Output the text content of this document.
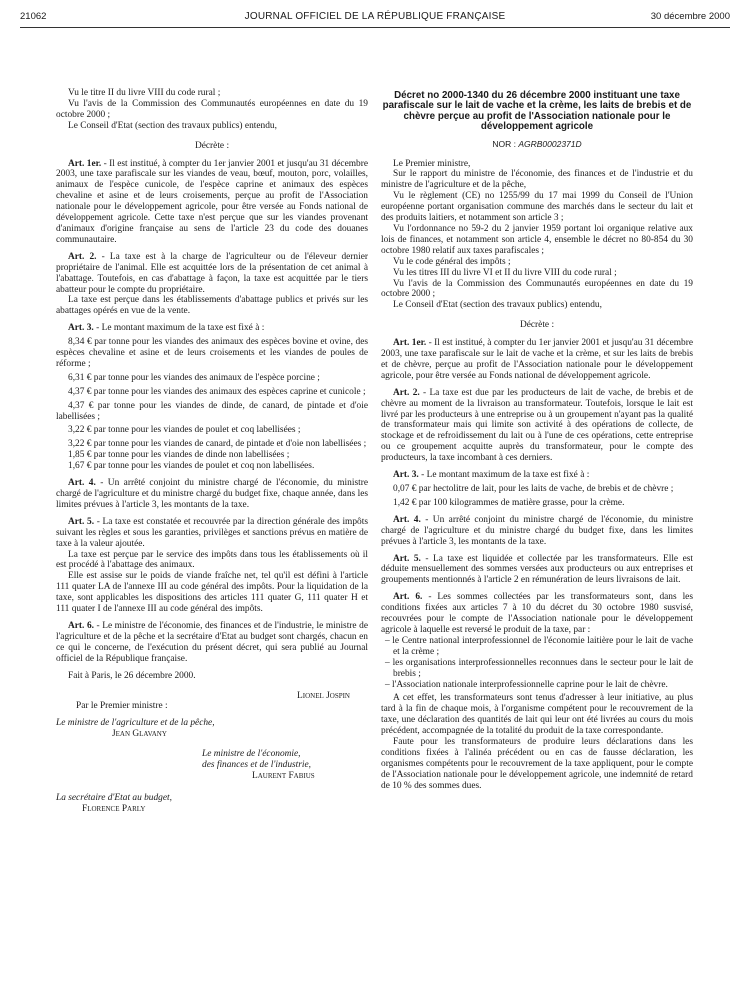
21062	JOURNAL OFFICIEL DE LA RÉPUBLIQUE FRANÇAISE	30 décembre 2000

Vu le titre II du livre VIII du code rural ;

Vu l'avis de la Commission des Communautés européennes en date du 19 octobre 2000 ;

Le Conseil d'Etat (section des travaux publics) entendu,

Décrète :

Art. 1er. - Il est institué, à compter du 1er janvier 2001 et jusqu'au 31 décembre 2003, une taxe parafiscale sur les viandes de veau, bœuf, mouton, porc, volailles, animaux de l'espèce cunicole, de l'espèce caprine et animaux des espèces chevaline et asine et de leurs croisements, perçue au profit de l'Association nationale pour le développement agricole, pour être versée au Fonds national de développement agricole. Cette taxe n'est perçue que sur les viandes provenant d'animaux d'origine française au sens de l'article 23 du code des douanes communautaire.

Art. 2. - La taxe est à la charge de l'agriculteur ou de l'éleveur dernier propriétaire de l'animal. Elle est acquittée lors de la présentation de cet animal à l'abattage. Toutefois, en cas d'abattage à façon, la taxe est acquittée par le tiers abatteur pour le compte du propriétaire.

La taxe est perçue dans les établissements d'abattage publics et privés sur les abattages opérés en vue de la vente.

Art. 3. - Le montant maximum de la taxe est fixé à :

8,34 € par tonne pour les viandes des animaux des espèces bovine et ovine, des espèces chevaline et asine et de leurs croisements et les viandes de poules de réforme ;

6,31 € par tonne pour les viandes des animaux de l'espèce porcine ;

4,37 € par tonne pour les viandes des animaux des espèces caprine et cunicole ;

4,37 € par tonne pour les viandes de dinde, de canard, de pintade et d'oie labellisées ;

3,22 € par tonne pour les viandes de poulet et coq labellisées ;

3,22 € par tonne pour les viandes de canard, de pintade et d'oie non labellisées ;

1,85 € par tonne pour les viandes de dinde non labellisées ;

1,67 € par tonne pour les viandes de poulet et coq non labellisées.

Art. 4. - Un arrêté conjoint du ministre chargé de l'économie, du ministre chargé de l'agriculture et du ministre chargé du budget fixe, chaque année, dans les limites prévues à l'article 3, les montants de la taxe.

Art. 5. - La taxe est constatée et recouvrée par la direction générale des impôts suivant les règles et sous les garanties, privilèges et sanctions prévus en matière de taxe à la valeur ajoutée.

La taxe est perçue par le service des impôts dans tous les établissements où il est procédé à l'abattage des animaux.

Elle est assise sur le poids de viande fraîche net, tel qu'il est défini à l'article 111 quater LA de l'annexe III au code général des impôts. Pour la liquidation de la taxe, sont applicables les dispositions des articles 111 quater G, 111 quater H et 111 quater I de l'annexe III au code général des impôts.

Art. 6. - Le ministre de l'économie, des finances et de l'industrie, le ministre de l'agriculture et de la pêche et la secrétaire d'Etat au budget sont chargés, chacun en ce qui le concerne, de l'exécution du présent décret, qui sera publié au Journal officiel de la République française.

Fait à Paris, le 26 décembre 2000.

Lionel Jospin

Par le Premier ministre :

Le ministre de l'agriculture et de la pêche,

Jean Glavany

Le ministre de l'économie,

des finances et de l'industrie,

Laurent Fabius

La secrétaire d'Etat au budget,

Florence Parly

Décret no 2000-1340 du 26 décembre 2000 instituant une taxe parafiscale sur le lait de vache et la crème, les laits de brebis et de chèvre perçue au profit de l'Association nationale pour le développement agricole

NOR : AGRB0002371D

Le Premier ministre,

Sur le rapport du ministre de l'économie, des finances et de l'industrie et du ministre de l'agriculture et de la pêche,

Vu le règlement (CE) no 1255/99 du 17 mai 1999 du Conseil de l'Union européenne portant organisation commune des marchés dans le secteur du lait et des produits laitiers, et notamment son article 3 ;

Vu l'ordonnance no 59-2 du 2 janvier 1959 portant loi organique relative aux lois de finances, et notamment son article 4, ensemble le décret no 80-854 du 30 octobre 1980 relatif aux taxes parafiscales ;

Vu le code général des impôts ;

Vu les titres III du livre VI et II du livre VIII du code rural ;

Vu l'avis de la Commission des Communautés européennes en date du 19 octobre 2000 ;

Le Conseil d'Etat (section des travaux publics) entendu,

Décrète :

Art. 1er. - Il est institué, à compter du 1er janvier 2001 et jusqu'au 31 décembre 2003, une taxe parafiscale sur le lait de vache et la crème, et sur les laits de brebis et de chèvre, perçue au profit de l'Association nationale pour le développement agricole, pour être versée au Fonds national de développement agricole.

Art. 2. - La taxe est due par les producteurs de lait de vache, de brebis et de chèvre au moment de la livraison au transformateur. Toutefois, lorsque le lait est livré par les producteurs à une entreprise ou à un groupement n'ayant pas la qualité de transformateur mais qui limite son activité à des opérations de collecte, de stockage et de refroidissement du lait ou à l'une de ces opérations, cette entreprise ou ce groupement acquitte auprès du transformateur, pour le compte des producteurs, la taxe incombant à ces derniers.

Art. 3. - Le montant maximum de la taxe est fixé à :

0,07 € par hectolitre de lait, pour les laits de vache, de brebis et de chèvre ;

1,42 € par 100 kilogrammes de matière grasse, pour la crème.

Art. 4. - Un arrêté conjoint du ministre chargé de l'économie, du ministre chargé de l'agriculture et du ministre chargé du budget fixe, dans les limites prévues à l'article 3, les montants de la taxe.

Art. 5. - La taxe est liquidée et collectée par les transformateurs. Elle est déduite mensuellement des sommes versées aux producteurs ou aux entreprises et groupements mentionnés à l'article 2 en rémunération de leurs livraisons de lait.

Art. 6. - Les sommes collectées par les transformateurs sont, dans les conditions fixées aux articles 7 à 10 du décret du 30 octobre 1980 susvisé, recouvrées pour le compte de l'Association nationale pour le développement agricole à laquelle est reversé le produit de la taxe, par :

– le Centre national interprofessionnel de l'économie laitière pour le lait de vache et la crème ;

– les organisations interprofessionnelles reconnues dans le secteur pour le lait de brebis ;

– l'Association nationale interprofessionnelle caprine pour le lait de chèvre.

A cet effet, les transformateurs sont tenus d'adresser à leur initiative, au plus tard à la fin de chaque mois, à l'organisme compétent pour le recouvrement de la taxe, une déclaration des quantités de lait qui leur ont été livrées au cours du mois précédent, accompagnée de la totalité du produit de la taxe correspondante.

Faute pour les transformateurs de produire leurs déclarations dans les conditions fixées à l'alinéa précédent ou en cas de fausse déclaration, les organismes compétents pour le recouvrement de la taxe appliquent, pour le compte de l'Association nationale pour le développement agricole, une indemnité de retard de 10 % des sommes dues.
